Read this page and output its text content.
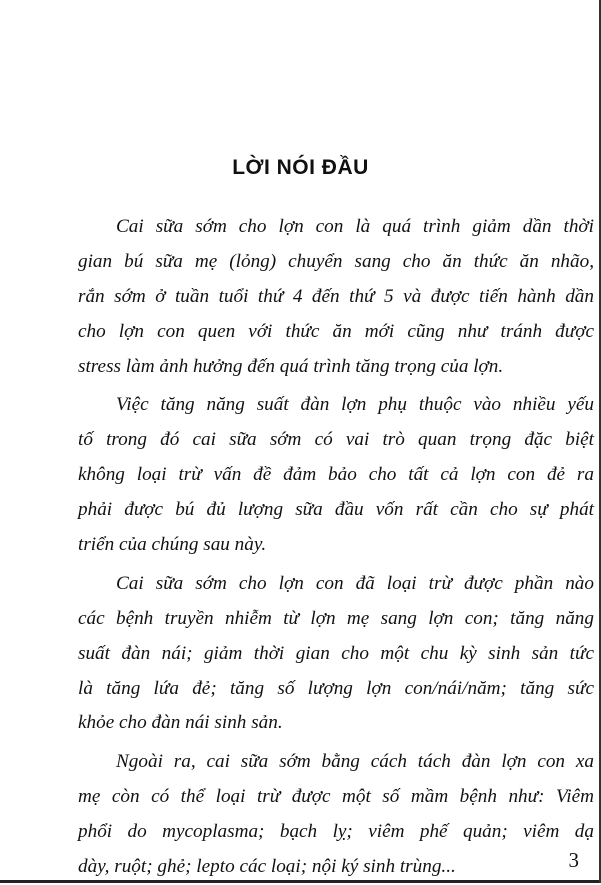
LỜI NÓI ĐẦU
Cai sữa sớm cho lợn con là quá trình giảm dần thời
gian bú sữa mẹ (lỏng) chuyển sang cho ăn thức ăn nhão,
rắn sớm ở tuần tuổi thứ 4 đến thứ 5 và được tiến hành dần
cho lợn con quen với thức ăn mới cũng như tránh được
stress làm ảnh hưởng đến quá trình tăng trọng của lợn.
Việc tăng năng suất đàn lợn phụ thuộc vào nhiều yếu
tố trong đó cai sữa sớm có vai trò quan trọng đặc biệt
không loại trừ vấn đề đảm bảo cho tất cả lợn con đẻ ra
phải được bú đủ lượng sữa đầu vốn rất cần cho sự phát
triển của chúng sau này.
Cai sữa sớm cho lợn con đã loại trừ được phần nào
các bệnh truyền nhiễm từ lợn mẹ sang lợn con; tăng năng
suất đàn nái; giảm thời gian cho một chu kỳ sinh sản tức
là tăng lứa đẻ; tăng số lượng lợn con/nái/năm; tăng sức
khỏe cho đàn nái sinh sản.
Ngoài ra, cai sữa sớm bằng cách tách đàn lợn con xa
mẹ còn có thể loại trừ được một số mầm bệnh như: Viêm
phổi do mycoplasma; bạch lỵ; viêm phế quản; viêm dạ
dày, ruột; ghẻ; lepto các loại; nội ký sinh trùng...	3
